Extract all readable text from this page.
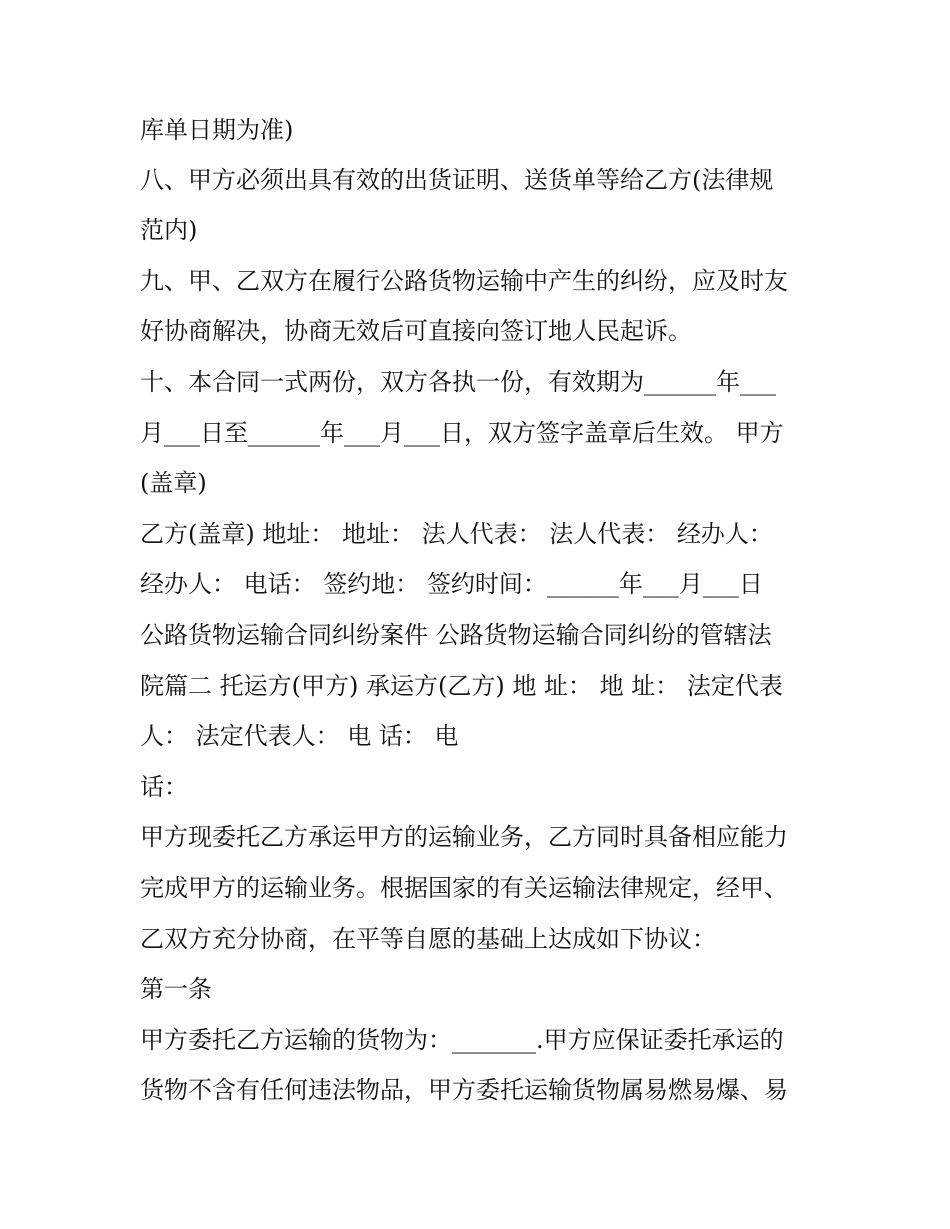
库单日期为准)
八、甲方必须出具有效的出货证明、送货单等给乙方(法律规
范内)
九、甲、乙双方在履行公路货物运输中产生的纠纷，应及时友
好协商解决，协商无效后可直接向签订地人民起诉。
十、本合同一式两份，双方各执一份，有效期为______年___
月___日至______年___月___日，双方签字盖章后生效。 甲方
(盖章)
乙方(盖章) 地址： 地址： 法人代表： 法人代表： 经办人：
经办人： 电话： 签约地： 签约时间：______年___月___日
公路货物运输合同纠纷案件 公路货物运输合同纠纷的管辖法
院篇二 托运方(甲方) 承运方(乙方) 地 址： 地 址： 法定代表
人： 法定代表人： 电 话： 电
话：
甲方现委托乙方承运甲方的运输业务，乙方同时具备相应能力
完成甲方的运输业务。根据国家的有关运输法律规定，经甲、
乙双方充分协商，在平等自愿的基础上达成如下协议：
第一条
甲方委托乙方运输的货物为：_______.甲方应保证委托承运的
货物不含有任何违法物品，甲方委托运输货物属易燃易爆、易
